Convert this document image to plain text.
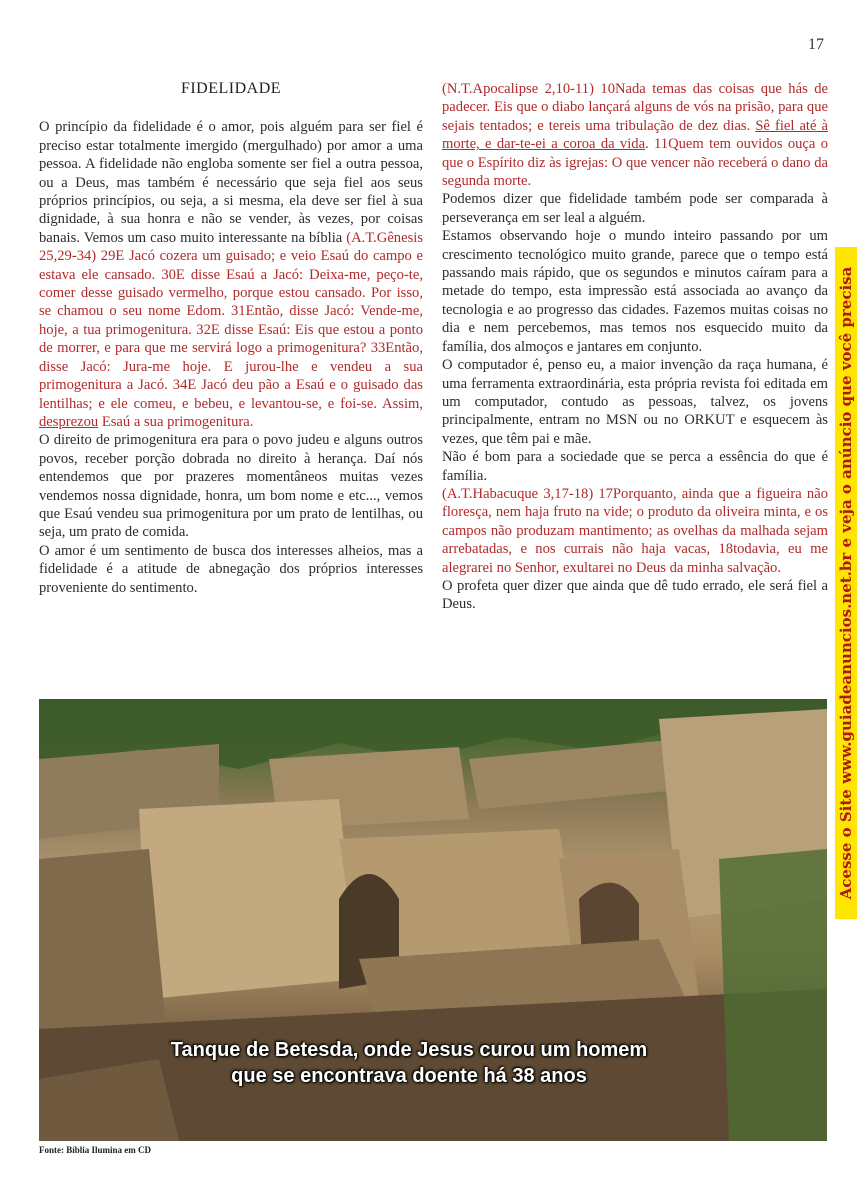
17
FIDELIDADE

O princípio da fidelidade é o amor, pois alguém para ser fiel é preciso estar totalmente imergido (mergulhado) por amor a uma pessoa. A fidelidade não engloba somente ser fiel a outra pessoa, ou a Deus, mas também é necessário que seja fiel aos seus próprios princípios, ou seja, a si mesma, ela deve ser fiel à sua dignidade, à sua honra e não se vender, às vezes, por coisas banais. Vemos um caso muito interessante na bíblia (A.T.Gênesis 25,29-34) 29E Jacó cozera um guisado; e veio Esaú do campo e estava ele cansado. 30E disse Esaú a Jacó: Deixa-me, peço-te, comer desse guisado vermelho, porque estou cansado. Por isso, se chamou o seu nome Edom. 31Então, disse Jacó: Vende-me, hoje, a tua primogenitura. 32E disse Esaú: Eis que estou a ponto de morrer, e para que me servirá logo a primogenitura? 33Então, disse Jacó: Jura-me hoje. E jurou-lhe e vendeu a sua primogenitura a Jacó. 34E Jacó deu pão a Esaú e o guisado das lentilhas; e ele comeu, e bebeu, e levantou-se, e foi-se. Assim, desprezou Esaú a sua primogenitura.

O direito de primogenitura era para o povo judeu e alguns outros povos, receber porção dobrada no direito à herança. Daí nós entendemos que por prazeres momentâneos muitas vezes vendemos nossa dignidade, honra, um bom nome e etc..., vemos que Esaú vendeu sua primogenitura por um prato de lentilhas, ou seja, um prato de comida.

O amor é um sentimento de busca dos interesses alheios, mas a fidelidade é a atitude de abnegação dos próprios interesses proveniente do sentimento.

(N.T.Apocalipse 2,10-11) 10Nada temas das coisas que hás de padecer. Eis que o diabo lançará alguns de vós na prisão, para que sejais tentados; e tereis uma tribulação de dez dias. Sê fiel até à morte, e dar-te-ei a coroa da vida. 11Quem tem ouvidos ouça o que o Espírito diz às igrejas: O que vencer não receberá o dano da segunda morte.

Podemos dizer que fidelidade também pode ser comparada à perseverança em ser leal a alguém.

Estamos observando hoje o mundo inteiro passando por um crescimento tecnológico muito grande, parece que o tempo está passando mais rápido, que os segundos e minutos caíram para a metade do tempo, esta impressão está associada ao avanço da tecnologia e ao progresso das cidades. Fazemos muitas coisas no dia e nem percebemos, mas temos nos esquecido muito da família, dos almoços e jantares em conjunto.

O computador é, penso eu, a maior invenção da raça humana, é uma ferramenta extraordinária, esta própria revista foi editada em um computador, contudo as pessoas, talvez, os jovens principalmente, entram no MSN ou no ORKUT e esquecem às vezes, que têm pai e mãe.

Não é bom para a sociedade que se perca a essência do que é família.

(A.T.Habacuque 3,17-18) 17Porquanto, ainda que a figueira não floresça, nem haja fruto na vide; o produto da oliveira minta, e os campos não produzam mantimento; as ovelhas da malhada sejam arrebatadas, e nos currais não haja vacas, 18todavia, eu me alegrarei no Senhor, exultarei no Deus da minha salvação.

O profeta quer dizer que ainda que dê tudo errado, ele será fiel a Deus.	Acesse o Site www.guiadeanuncios.net.br e veja o anúncio que você precisa
Tanque de Betesda, onde Jesus curou um homem
que se encontrava doente há 38 anos
Fonte: Bíblia Ilumina em CD
